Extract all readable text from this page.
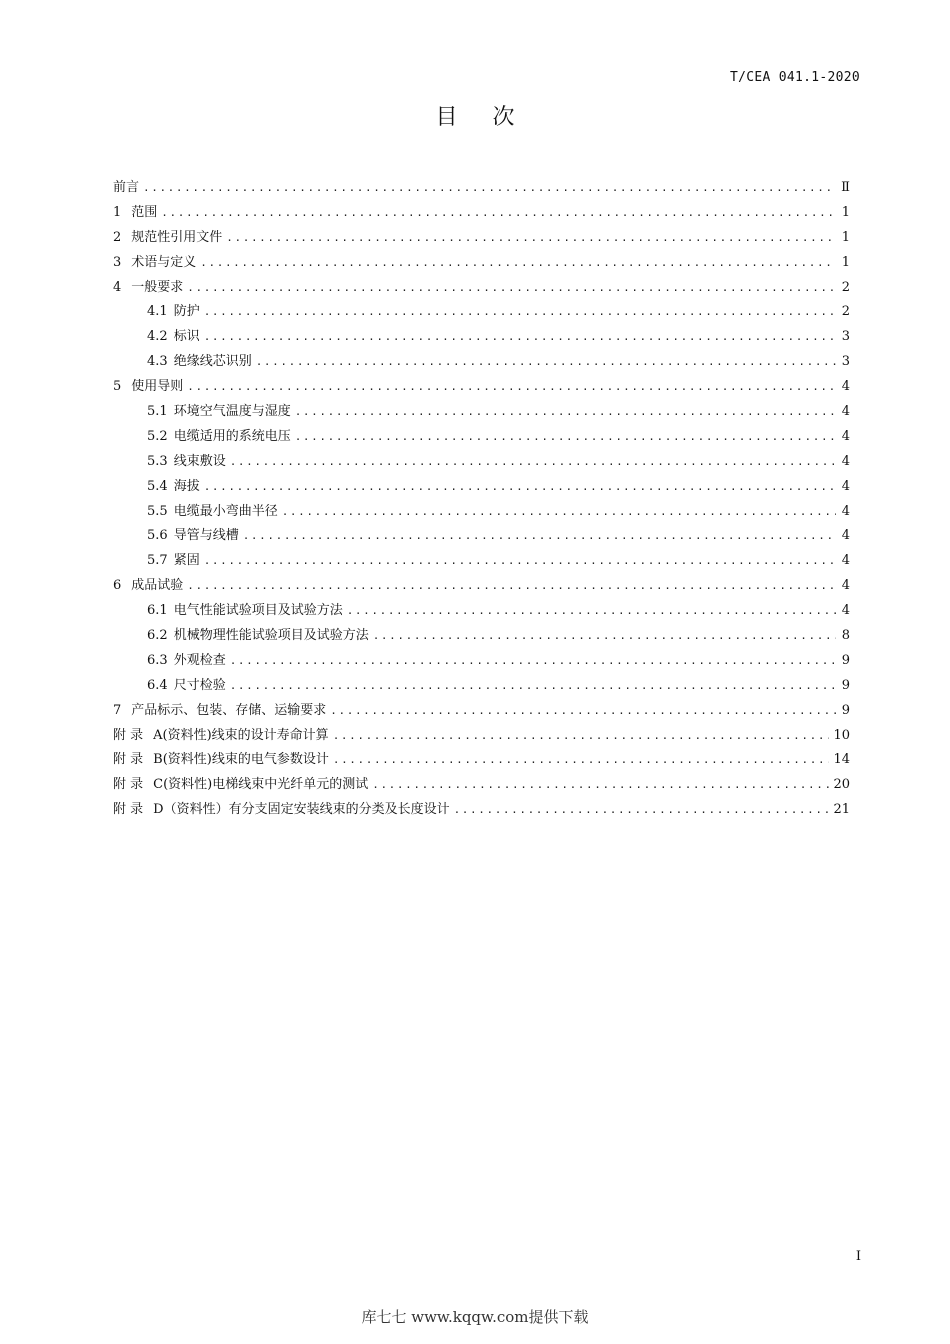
T/CEA 041.1-2020
目 次
前言 .....	Ⅱ
1 范围 .....	1
2 规范性引用文件 .....	1
3 术语与定义 .....	1
4 一般要求 .....	2
4.1 防护 .....	2
4.2 标识 .....	3
4.3 绝缘线芯识别 .....	3
5 使用导则 .....	4
5.1 环境空气温度与湿度 .....	4
5.2 电缆适用的系统电压 .....	4
5.3 线束敷设 .....	4
5.4 海拔 .....	4
5.5 电缆最小弯曲半径 .....	4
5.6 导管与线槽 .....	4
5.7 紧固 .....	4
6 成品试验 .....	4
6.1 电气性能试验项目及试验方法 .....	4
6.2 机械物理性能试验项目及试验方法 .....	8
6.3 外观检查 .....	9
6.4 尺寸检验 .....	9
7 产品标示、包装、存储、运输要求 .....	9
附 录 A(资料性)线束的设计寿命计算 .....	10
附 录 B(资料性)线束的电气参数设计 .....	14
附 录 C(资料性)电梯线束中光纤单元的测试 .....	20
附 录 D（资料性）有分支固定安装线束的分类及长度设计 .....	21
I
库七七 www.kqqw.com提供下载
